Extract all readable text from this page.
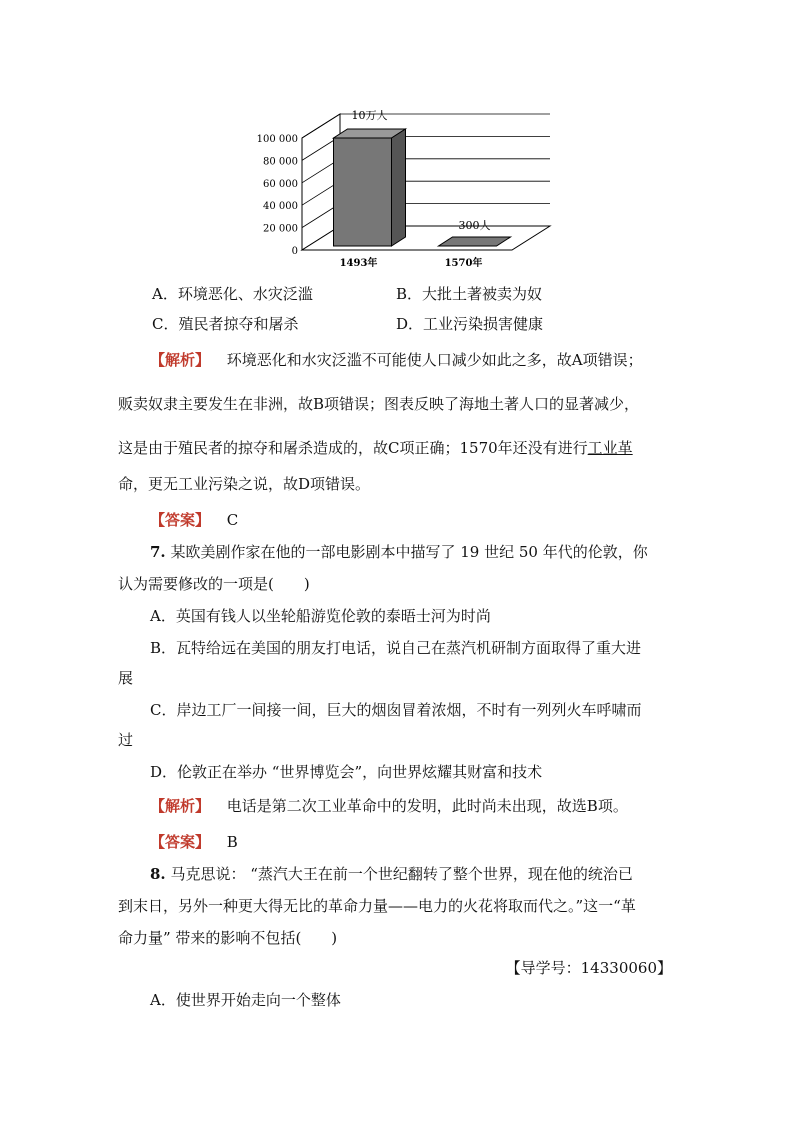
100 000
80 000
60 000
40 000
20 000
0
10万人
1493年
300人
1570年
A．环境恶化、水灾泛滥	B．大批土著被卖为奴
C．殖民者掠夺和屠杀	D．工业污染损害健康
【解析】 环境恶化和水灾泛滥不可能使人口减少如此之多，故A项错误；
贩卖奴隶主要发生在非洲，故B项错误；图表反映了海地土著人口的显著减少，
这是由于殖民者的掠夺和屠杀造成的，故C项正确；1570年还没有进行工业革
命，更无工业污染之说，故D项错误。
【答案】 C
7. 某欧美剧作家在他的一部电影剧本中描写了 19 世纪 50 年代的伦敦，你
认为需要修改的一项是(　　)
A．英国有钱人以坐轮船游览伦敦的泰晤士河为时尚
B．瓦特给远在美国的朋友打电话，说自己在蒸汽机研制方面取得了重大进
展
C．岸边工厂一间接一间，巨大的烟囱冒着浓烟，不时有一列列火车呼啸而
过
D．伦敦正在举办 “世界博览会”，向世界炫耀其财富和技术
【解析】 电话是第二次工业革命中的发明，此时尚未出现，故选B项。
【答案】 B
8. 马克思说： “蒸汽大王在前一个世纪翻转了整个世界，现在他的统治已
到末日，另外一种更大得无比的革命力量——电力的火花将取而代之。”这一“革
命力量” 带来的影响不包括(　　)
【导学号：14330060】
A．使世界开始走向一个整体
